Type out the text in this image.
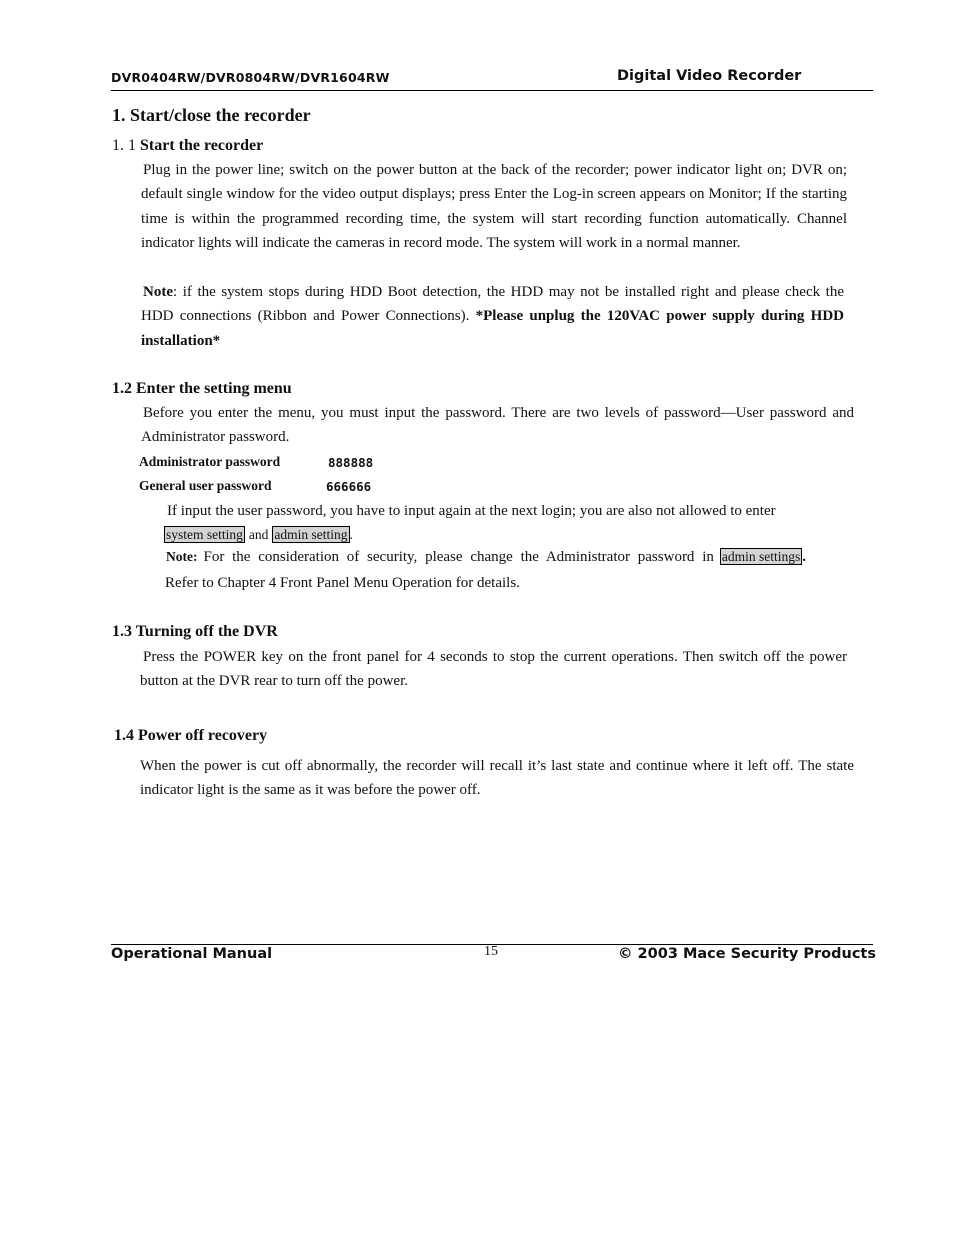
DVR0404RW/DVR0804RW/DVR1604RW	Digital Video Recorder
1. Start/close the recorder
1. 1 Start the recorder

Plug in the power line; switch on the power button at the back of the recorder; power indicator light on; DVR on; default single window for the video output displays; press Enter the Log-in screen appears on Monitor; If the starting time is within the programmed recording time, the system will start recording function automatically. Channel indicator lights will indicate the cameras in record mode. The system will work in a normal manner.

Note: if the system stops during HDD Boot detection, the HDD may not be installed right and please check the HDD connections (Ribbon and Power Connections). *Please unplug the 120VAC power supply during HDD installation*

1.2 Enter the setting menu

Before you enter the menu, you must input the password. There are two levels of password—User password and Administrator password.

Administrator password	888888
General user password	666666

If input the user password, you have to input again at the next login; you are also not allowed to enter

system setting and admin setting .
Note: For the consideration of security, please change the Administrator password in admin settings .
Refer to Chapter 4 Front Panel Menu Operation for details.
1.3 Turning off the DVR

Press the POWER key on the front panel for 4 seconds to stop the current operations. Then switch off the power button at the DVR rear to turn off the power.

1.4 Power off recovery

When the power is cut off abnormally, the recorder will recall it’s last state and continue where it left off. The state indicator light is the same as it was before the power off.

Operational Manual	15	© 2003 Mace Security Products
